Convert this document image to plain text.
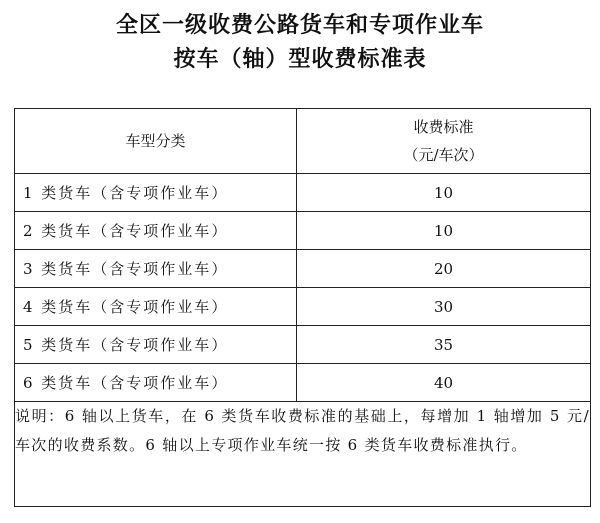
全区一级收费公路货车和专项作业车
按车（轴）型收费标准表
车型分类	收费标准
（元/车次）

1 类货车（含专项作业车）	10
2 类货车（含专项作业车）	10
3 类货车（含专项作业车）	20
4 类货车（含专项作业车）	30
5 类货车（含专项作业车）	35
6 类货车（含专项作业车）	40
说明：6 轴以上货车，在 6 类货车收费标准的基础上，每增加 1 轴增加 5 元/车次的收费系数。6 轴以上专项作业车统一按 6 类货车收费标准执行。	
